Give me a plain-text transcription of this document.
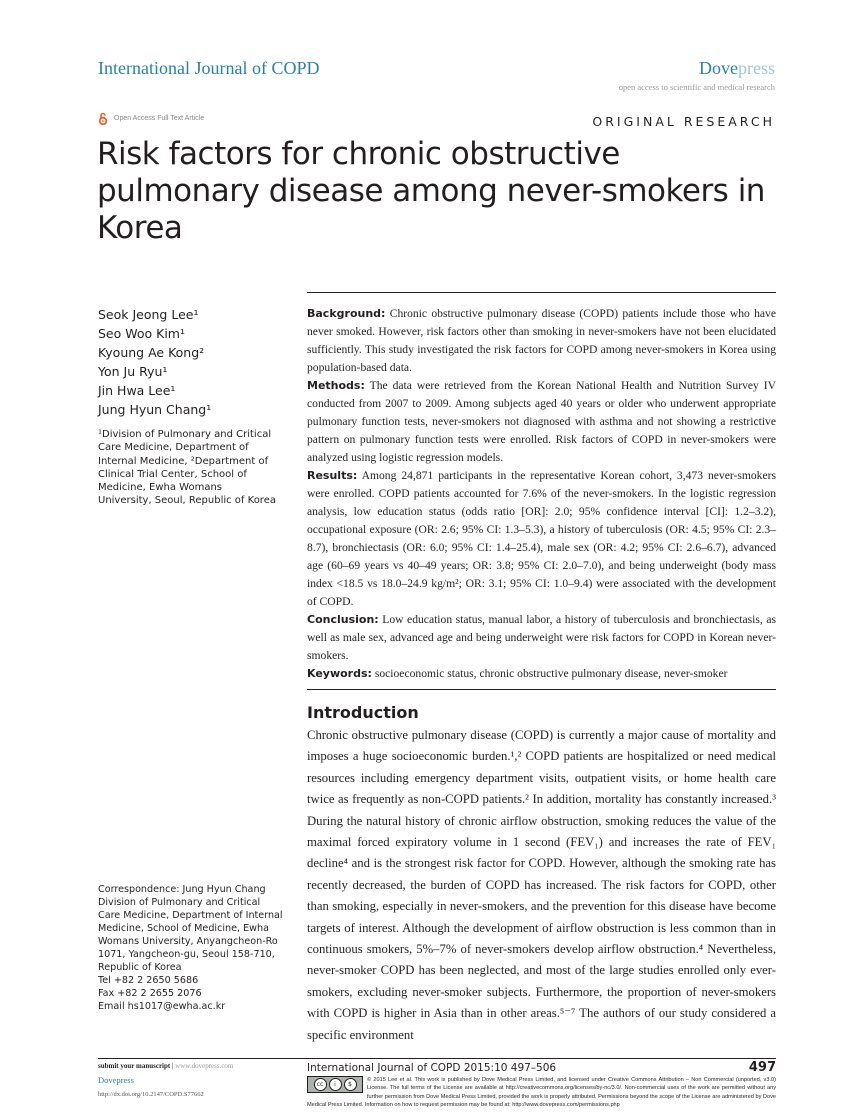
International Journal of COPD	Dovepress
open access to scientific and medical research
Open Access Full Text Article	ORIGINAL RESEARCH
Risk factors for chronic obstructive pulmonary disease among never-smokers in Korea
Seok Jeong Lee¹
Seo Woo Kim¹
Kyoung Ae Kong²
Yon Ju Ryu¹
Jin Hwa Lee¹
Jung Hyun Chang¹
¹Division of Pulmonary and Critical Care Medicine, Department of Internal Medicine, ²Department of Clinical Trial Center, School of Medicine, Ewha Womans University, Seoul, Republic of Korea
Correspondence: Jung Hyun Chang
Division of Pulmonary and Critical
Care Medicine, Department of Internal
Medicine, School of Medicine, Ewha
Womans University, Anyangcheon-Ro
1071, Yangcheon-gu, Seoul 158-710,
Republic of Korea
Tel +82 2 2650 5686
Fax +82 2 2655 2076
Email hs1017@ewha.ac.kr

Background: Chronic obstructive pulmonary disease (COPD) patients include those who have never smoked. However, risk factors other than smoking in never-smokers have not been elucidated sufficiently. This study investigated the risk factors for COPD among never-smokers in Korea using population-based data.

Methods: The data were retrieved from the Korean National Health and Nutrition Survey IV conducted from 2007 to 2009. Among subjects aged 40 years or older who underwent appropriate pulmonary function tests, never-smokers not diagnosed with asthma and not showing a restrictive pattern on pulmonary function tests were enrolled. Risk factors of COPD in never-smokers were analyzed using logistic regression models.

Results: Among 24,871 participants in the representative Korean cohort, 3,473 never-smokers were enrolled. COPD patients accounted for 7.6% of the never-smokers. In the logistic regression analysis, low education status (odds ratio [OR]: 2.0; 95% confidence interval [CI]: 1.2–3.2), occupational exposure (OR: 2.6; 95% CI: 1.3–5.3), a history of tuberculosis (OR: 4.5; 95% CI: 2.3–8.7), bronchiectasis (OR: 6.0; 95% CI: 1.4–25.4), male sex (OR: 4.2; 95% CI: 2.6–6.7), advanced age (60–69 years vs 40–49 years; OR: 3.8; 95% CI: 2.0–7.0), and being underweight (body mass index <18.5 vs 18.0–24.9 kg/m²; OR: 3.1; 95% CI: 1.0–9.4) were associated with the development of COPD.

Conclusion: Low education status, manual labor, a history of tuberculosis and bronchiectasis, as well as male sex, advanced age and being underweight were risk factors for COPD in Korean never-smokers.

Keywords: socioeconomic status, chronic obstructive pulmonary disease, never-smoker

Introduction
Chronic obstructive pulmonary disease (COPD) is currently a major cause of mortality and imposes a huge socioeconomic burden.¹,² COPD patients are hospitalized or need medical resources including emergency department visits, outpatient visits, or home health care twice as frequently as non-COPD patients.² In addition, mortality has constantly increased.³ During the natural history of chronic airflow obstruction, smoking reduces the value of the maximal forced expiratory volume in 1 second (FEV₁) and increases the rate of FEV₁ decline⁴ and is the strongest risk factor for COPD. However, although the smoking rate has recently decreased, the burden of COPD has increased. The risk factors for COPD, other than smoking, especially in never-smokers, and the prevention for this disease have become targets of interest. Although the development of airflow obstruction is less common than in continuous smokers, 5%–7% of never-smokers develop airflow obstruction.⁴ Nevertheless, never-smoker COPD has been neglected, and most of the large studies enrolled only ever-smokers, excluding never-smoker subjects. Furthermore, the proportion of never-smokers with COPD is higher in Asia than in other areas.⁵⁻⁷ The authors of our study considered a specific environment
submit your manuscript | www.dovepress.com
Dovepress
http://dx.doi.org/10.2147/COPD.S77662
International Journal of COPD 2015:10 497–506	497
cc	i	$
© 2015 Lee et al. This work is published by Dove Medical Press Limited, and licensed under Creative Commons Attribution – Non Commercial (unported, v3.0) License. The full terms of the License are available at http://creativecommons.org/licenses/by-nc/3.0/. Non-commercial uses of the work are permitted without any further permission from Dove Medical Press Limited, provided the work is properly attributed. Permissions beyond the scope of the License are administered by Dove Medical Press Limited. Information on how to request permission may be found at: http://www.dovepress.com/permissions.php
